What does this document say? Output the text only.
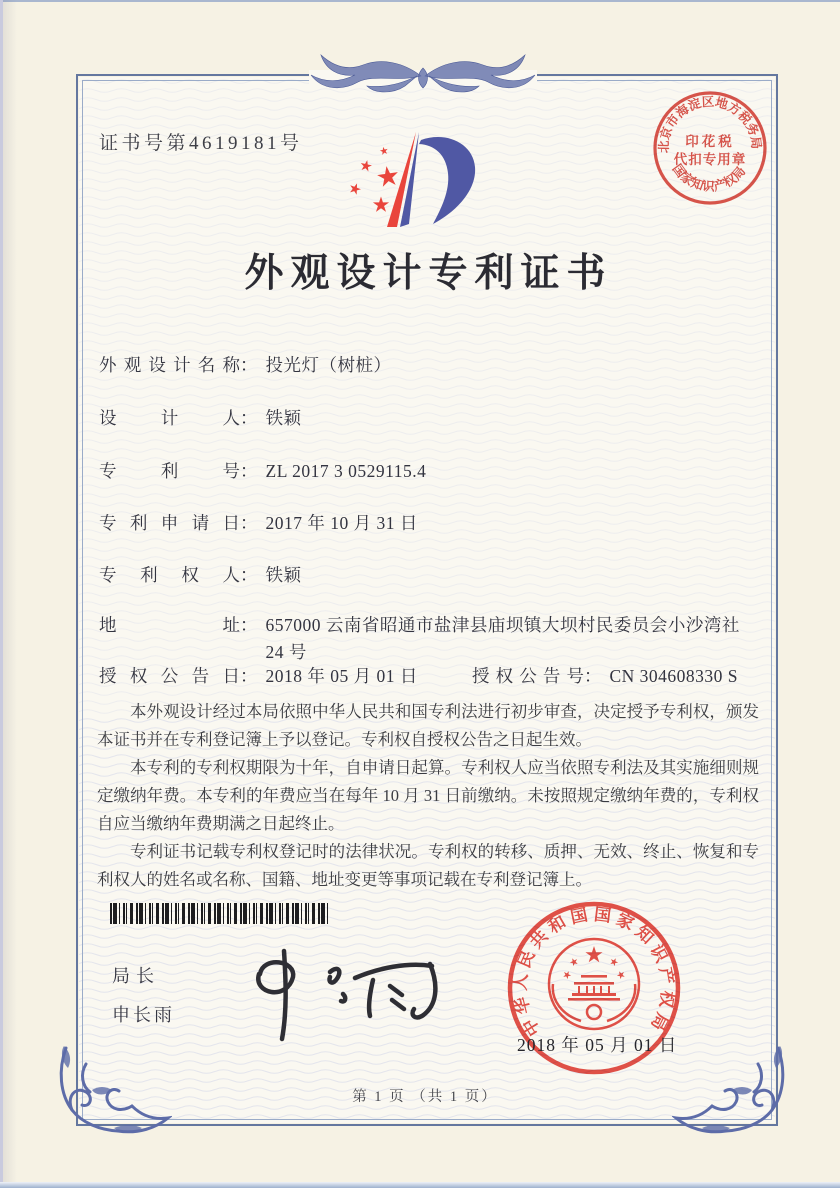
证书号第4619181号	北京市海淀区地方税务局
国家知识产权局
印花税
代扣专用章
外观设计专利证书
外观设计名称 ： 投光灯（树桩）
设计人 ： 铁颖
专利号 ： ZL 2017 3 0529115.4
专利申请日 ： 2017 年 10 月 31 日
专利权人 ： 铁颖
地址 ： 657000 云南省昭通市盐津县庙坝镇大坝村民委员会小沙湾社 24 号
授权公告日 ： 2018 年 05 月 01 日	授权公告号 ： CN 304608330 S

本外观设计经过本局依照中华人民共和国专利法进行初步审查，决定授予专利权，颁发本证书并在专利登记簿上予以登记。专利权自授权公告之日起生效。

本专利的专利权期限为十年，自申请日起算。专利权人应当依照专利法及其实施细则规定缴纳年费。本专利的年费应当在每年 10 月 31 日前缴纳。未按照规定缴纳年费的，专利权自应当缴纳年费期满之日起终止。

专利证书记载专利权登记时的法律状况。专利权的转移、质押、无效、终止、恢复和专利权人的姓名或名称、国籍、地址变更等事项记载在专利登记簿上。

局长
申长雨	中华人民共和国国家知识产权局
2018 年 05 月 01 日
第 1 页 （共 1 页）
